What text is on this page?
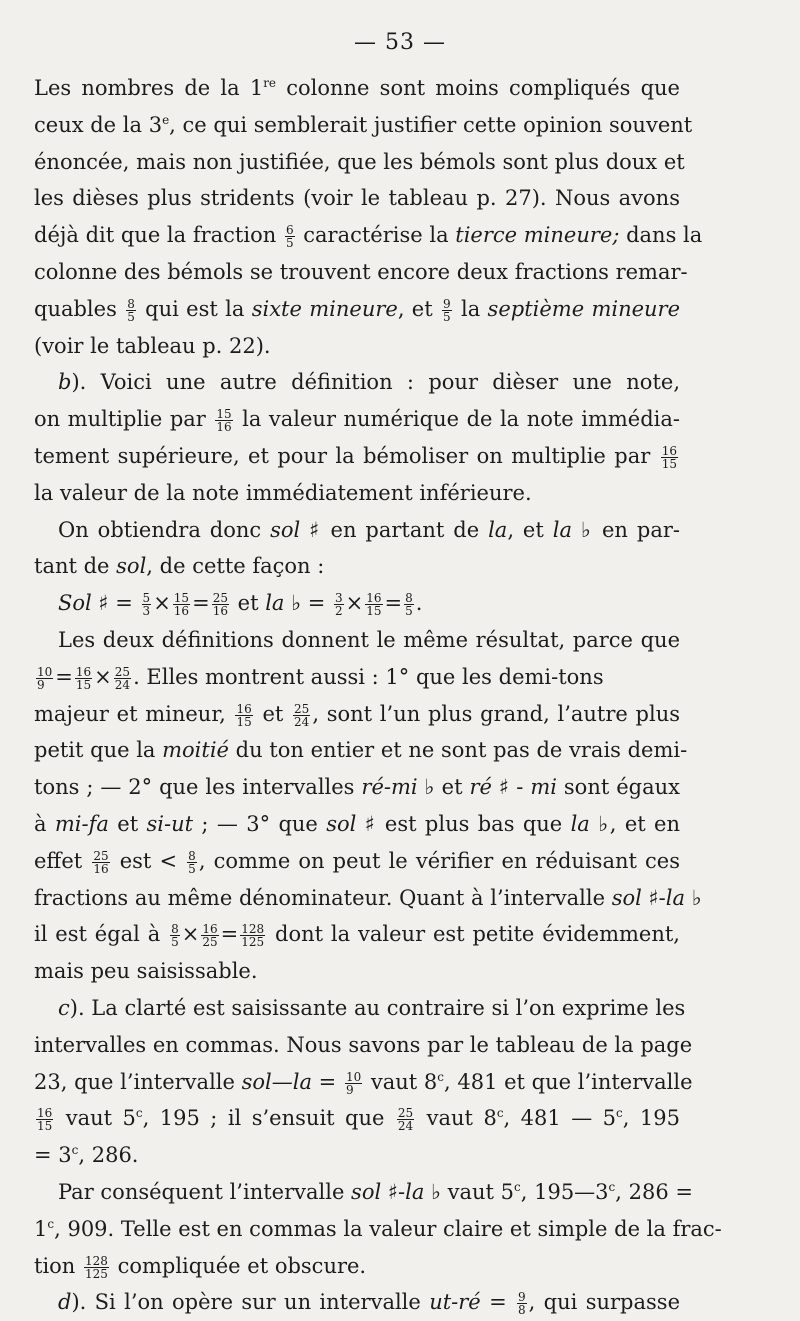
— 53 —
Les nombres de la 1re colonne sont moins compliqués que
ceux de la 3e, ce qui semblerait justifier cette opinion souvent
énoncée, mais non justifiée, que les bémols sont plus doux et
les dièses plus stridents (voir le tableau p. 27). Nous avons
déjà dit que la fraction $\frac{6}{5}$ caractérise la tierce mineure; dans la
colonne des bémols se trouvent encore deux fractions remar-
quables $\frac{8}{5}$ qui est la sixte mineure, et $\frac{9}{5}$ la septième mineure
(voir le tableau p. 22).
b). Voici une autre définition : pour dièser une note,
on multiplie par $\frac{15}{16}$ la valeur numérique de la note immédia-
tement supérieure, et pour la bémoliser on multiplie par $\frac{16}{15}$
la valeur de la note immédiatement inférieure.
On obtiendra donc sol ♯ en partant de la, et la ♭ en par-
tant de sol, de cette façon :
Sol ♯ = $\frac{5}{3} \times \frac{15}{16} = \frac{25}{16}$ et la ♭ = $\frac{3}{2} \times \frac{16}{15} = \frac{8}{5}$ .
Les deux définitions donnent le même résultat, parce que
$\frac{10}{9} = \frac{16}{15} \times \frac{25}{24}$ . Elles montrent aussi : 1° que les demi-tons
majeur et mineur, $\frac{16}{15}$ et $\frac{25}{24}$ , sont l’un plus grand, l’autre plus
petit que la moitié du ton entier et ne sont pas de vrais demi-
tons ; — 2° que les intervalles ré-mi ♭ et ré ♯ - mi sont égaux
à mi-fa et si-ut ; — 3° que sol ♯ est plus bas que la ♭, et en
effet $\frac{25}{16}$ est < $\frac{8}{5}$ , comme on peut le vérifier en réduisant ces
fractions au même dénominateur. Quant à l’intervalle sol ♯-la ♭
il est égal à $\frac{8}{5} \times \frac{16}{25} = \frac{128}{125}$ dont la valeur est petite évidemment,
mais peu saisissable.
c). La clarté est saisissante au contraire si l’on exprime les
intervalles en commas. Nous savons par le tableau de la page
23, que l’intervalle sol—la = $\frac{10}{9}$ vaut 8$^c$, 481 et que l’intervalle
$\frac{16}{15}$ vaut 5$^c$, 195 ; il s’ensuit que $\frac{25}{24}$ vaut 8$^c$, 481 — 5$^c$, 195
= $3^c$, 286.
Par conséquent l’intervalle sol ♯-la ♭ vaut 5$^c$, 195—3$^c$, 286 =
$1^c$, 909. Telle est en commas la valeur claire et simple de la frac-
tion $\frac{128}{125}$ compliquée et obscure.
d). Si l’on opère sur un intervalle ut-ré = $\frac{9}{8}$ , qui surpasse
